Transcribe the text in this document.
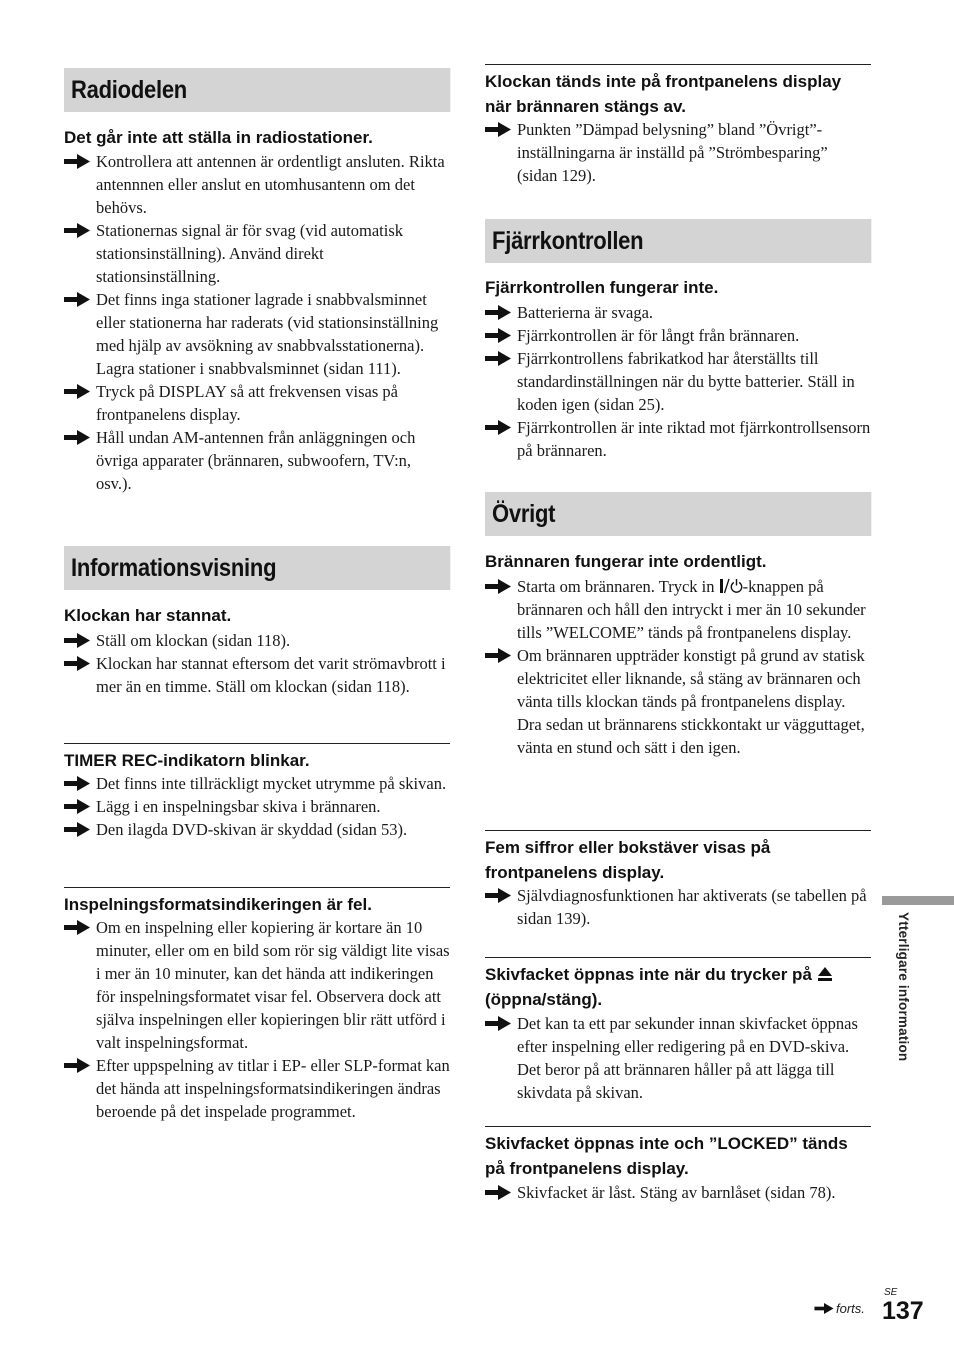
Radiodelen
Det går inte att ställa in radiostationer.
Kontrollera att antennen är ordentligt ansluten. Rikta antennnen eller anslut en utomhusantenn om det behövs.
Stationernas signal är för svag (vid automatisk stationsinställning). Använd direkt stationsinställning.
Det finns inga stationer lagrade i snabbvalsminnet eller stationerna har raderats (vid stationsinställning med hjälp av avsökning av snabbvalsstationerna). Lagra stationer i snabbvalsminnet (sidan 111).
Tryck på DISPLAY så att frekvensen visas på frontpanelens display.
Håll undan AM-antennen från anläggningen och övriga apparater (brännaren, subwoofern, TV:n, osv.).
Informationsvisning
Klockan har stannat.
Ställ om klockan (sidan 118).
Klockan har stannat eftersom det varit strömavbrott i mer än en timme. Ställ om klockan (sidan 118).
TIMER REC-indikatorn blinkar.
Det finns inte tillräckligt mycket utrymme på skivan.
Lägg i en inspelningsbar skiva i brännaren.
Den ilagda DVD-skivan är skyddad (sidan 53).
Inspelningsformatsindikeringen är fel.
Om en inspelning eller kopiering är kortare än 10 minuter, eller om en bild som rör sig väldigt lite visas i mer än 10 minuter, kan det hända att indikeringen för inspelningsformatet visar fel. Observera dock att själva inspelningen eller kopieringen blir rätt utförd i valt inspelningsformat.
Efter uppspelning av titlar i EP- eller SLP-format kan det hända att inspelningsformatsindikeringen ändras beroende på det inspelade programmet.
Klockan tänds inte på frontpanelens display när brännaren stängs av.
Punkten ”Dämpad belysning” bland ”Övrigt”-inställningarna är inställd på ”Strömbesparing” (sidan 129).
Fjärrkontrollen
Fjärrkontrollen fungerar inte.
Batterierna är svaga.
Fjärrkontrollen är för långt från brännaren.
Fjärrkontrollens fabrikatkod har återställts till standardinställningen när du bytte batterier. Ställ in koden igen (sidan 25).
Fjärrkontrollen är inte riktad mot fjärrkontrollsensorn på brännaren.
Övrigt
Brännaren fungerar inte ordentligt.
Starta om brännaren. Tryck in -knappen på brännaren och håll den intryckt i mer än 10 sekunder tills ”WELCOME” tänds på frontpanelens display.
Om brännaren uppträder konstigt på grund av statisk elektricitet eller liknande, så stäng av brännaren och vänta tills klockan tänds på frontpanelens display. Dra sedan ut brännarens stickkontakt ur vägguttaget, vänta en stund och sätt i den igen.
Fem siffror eller bokstäver visas på frontpanelens display.
Självdiagnosfunktionen har aktiverats (se tabellen på sidan 139).
Skivfacket öppnas inte när du trycker på  (öppna/stäng).
Det kan ta ett par sekunder innan skivfacket öppnas efter inspelning eller redigering på en DVD-skiva. Det beror på att brännaren håller på att lägga till skivdata på skivan.
Skivfacket öppnas inte och ”LOCKED” tänds på frontpanelens display.
Skivfacket är låst. Stäng av barnlåset (sidan 78).
Ytterligare information
forts.
SE
137
